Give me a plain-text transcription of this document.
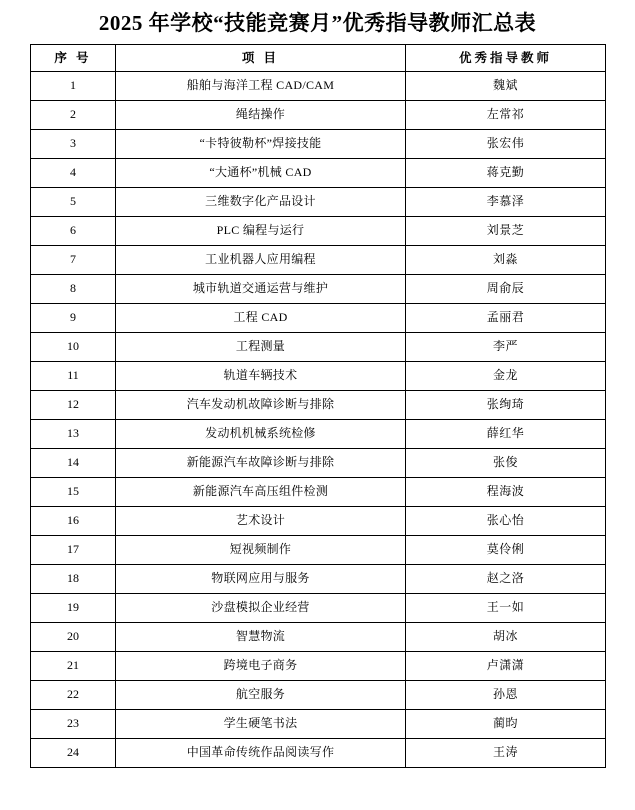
2025 年学校“技能竞赛月”优秀指导教师汇总表
序 号	项 目	优秀指导教师
1	船舶与海洋工程 CAD/CAM	魏斌
2	绳结操作	左常祁
3	“卡特彼勒杯”焊接技能	张宏伟
4	“大通杯”机械 CAD	蒋克勤
5	三维数字化产品设计	李慕泽
6	PLC 编程与运行	刘景芝
7	工业机器人应用编程	刘淼
8	城市轨道交通运营与维护	周俞辰
9	工程 CAD	孟丽君
10	工程测量	李严
11	轨道车辆技术	金龙
12	汽车发动机故障诊断与排除	张绚琦
13	发动机机械系统检修	薛红华
14	新能源汽车故障诊断与排除	张俊
15	新能源汽车高压组件检测	程海波
16	艺术设计	张心怡
17	短视频制作	莫伶俐
18	物联网应用与服务	赵之洛
19	沙盘模拟企业经营	王一如
20	智慧物流	胡冰
21	跨境电子商务	卢潇潇
22	航空服务	孙恩
23	学生硬笔书法	蔺昀
24	中国革命传统作品阅读写作	王涛
